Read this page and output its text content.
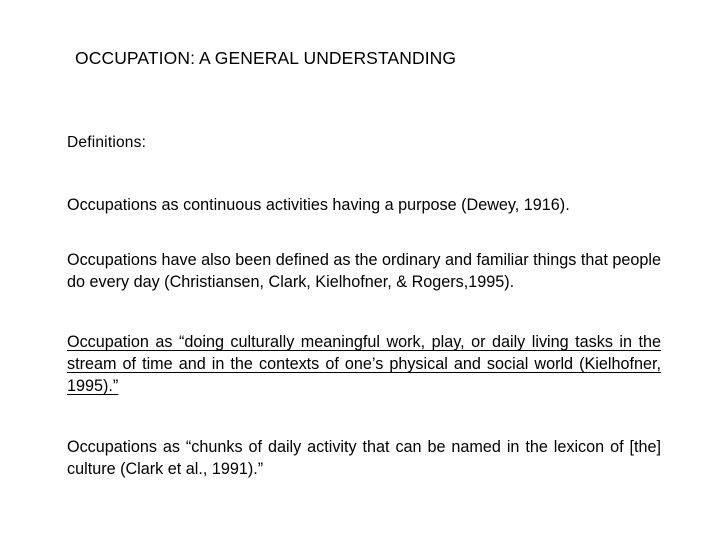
OCCUPATION: A GENERAL UNDERSTANDING
Definitions:
Occupations as continuous activities having a purpose (Dewey, 1916).
Occupations have also been defined as the ordinary and familiar things that people do every day (Christiansen, Clark, Kielhofner, & Rogers,1995).
Occupation as “doing culturally meaningful work, play, or daily living tasks in the stream of time and in the contexts of one’s physical and social world (Kielhofner, 1995).”
Occupations as “chunks of daily activity that can be named in the lexicon of [the] culture (Clark et al., 1991).”
